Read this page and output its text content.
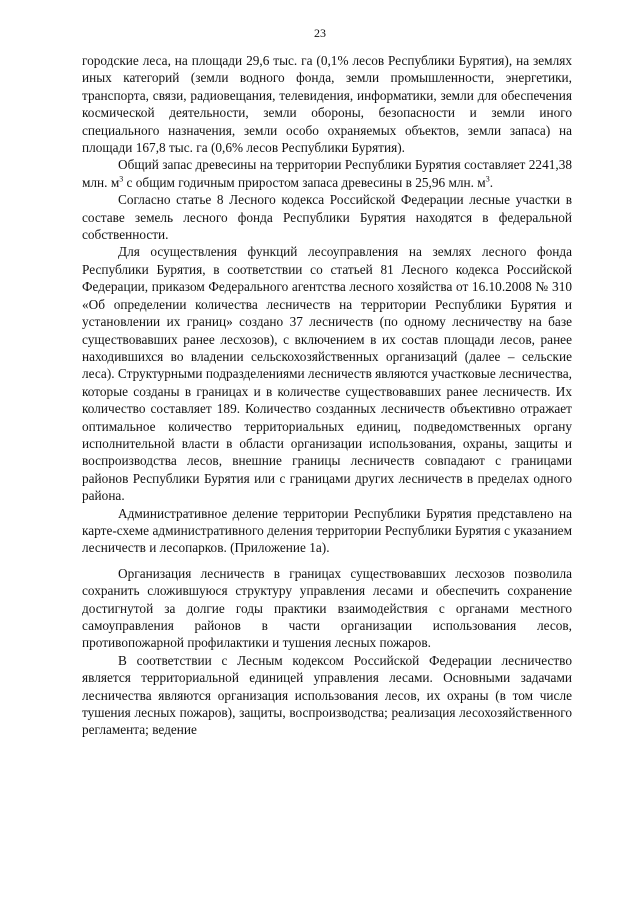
23

городские леса, на площади 29,6 тыс. га (0,1% лесов Республики Бурятия), на землях иных категорий (земли водного фонда, земли промышленности, энергетики, транспорта, связи, радиовещания, телевидения, информатики, земли для обеспечения космической деятельности, земли обороны, безопасности и земли иного специального назначения, земли особо охраняемых объектов, земли запаса) на площади 167,8 тыс. га (0,6% лесов Республики Бурятия).

Общий запас древесины на территории Республики Бурятия составляет 2241,38 млн. $м^3$ с общим годичным приростом запаса древесины в 25,96 млн. $м^3$.

Согласно статье 8 Лесного кодекса Российской Федерации лесные участки в составе земель лесного фонда Республики Бурятия находятся в федеральной собственности.

Для осуществления функций лесоуправления на землях лесного фонда Республики Бурятия, в соответствии со статьей 81 Лесного кодекса Российской Федерации, приказом Федерального агентства лесного хозяйства от 16.10.2008 № 310 «Об определении количества лесничеств на территории Республики Бурятия и установлении их границ» создано 37 лесничеств (по одному лесничеству на базе существовавших ранее лесхозов), с включением в их состав площади лесов, ранее находившихся во владении сельскохозяйственных организаций (далее – сельские леса). Структурными подразделениями лесничеств являются участковые лесничества, которые созданы в границах и в количестве существовавших ранее лесничеств. Их количество составляет 189. Количество созданных лесничеств объективно отражает оптимальное количество территориальных единиц, подведомственных органу исполнительной власти в области организации использования, охраны, защиты и воспроизводства лесов, внешние границы лесничеств совпадают с границами районов Республики Бурятия или с границами других лесничеств в пределах одного района.

Административное деление территории Республики Бурятия представлено на карте-схеме административного деления территории Республики Бурятия с указанием лесничеств и лесопарков. (Приложение 1а).

Организация лесничеств в границах существовавших лесхозов позволила сохранить сложившуюся структуру управления лесами и обеспечить сохранение достигнутой за долгие годы практики взаимодействия с органами местного самоуправления районов в части организации использования лесов, противопожарной профилактики и тушения лесных пожаров.

В соответствии с Лесным кодексом Российской Федерации лесничество является территориальной единицей управления лесами. Основными задачами лесничества являются организация использования лесов, их охраны (в том числе тушения лесных пожаров), защиты, воспроизводства; реализация лесохозяйственного регламента; ведение
